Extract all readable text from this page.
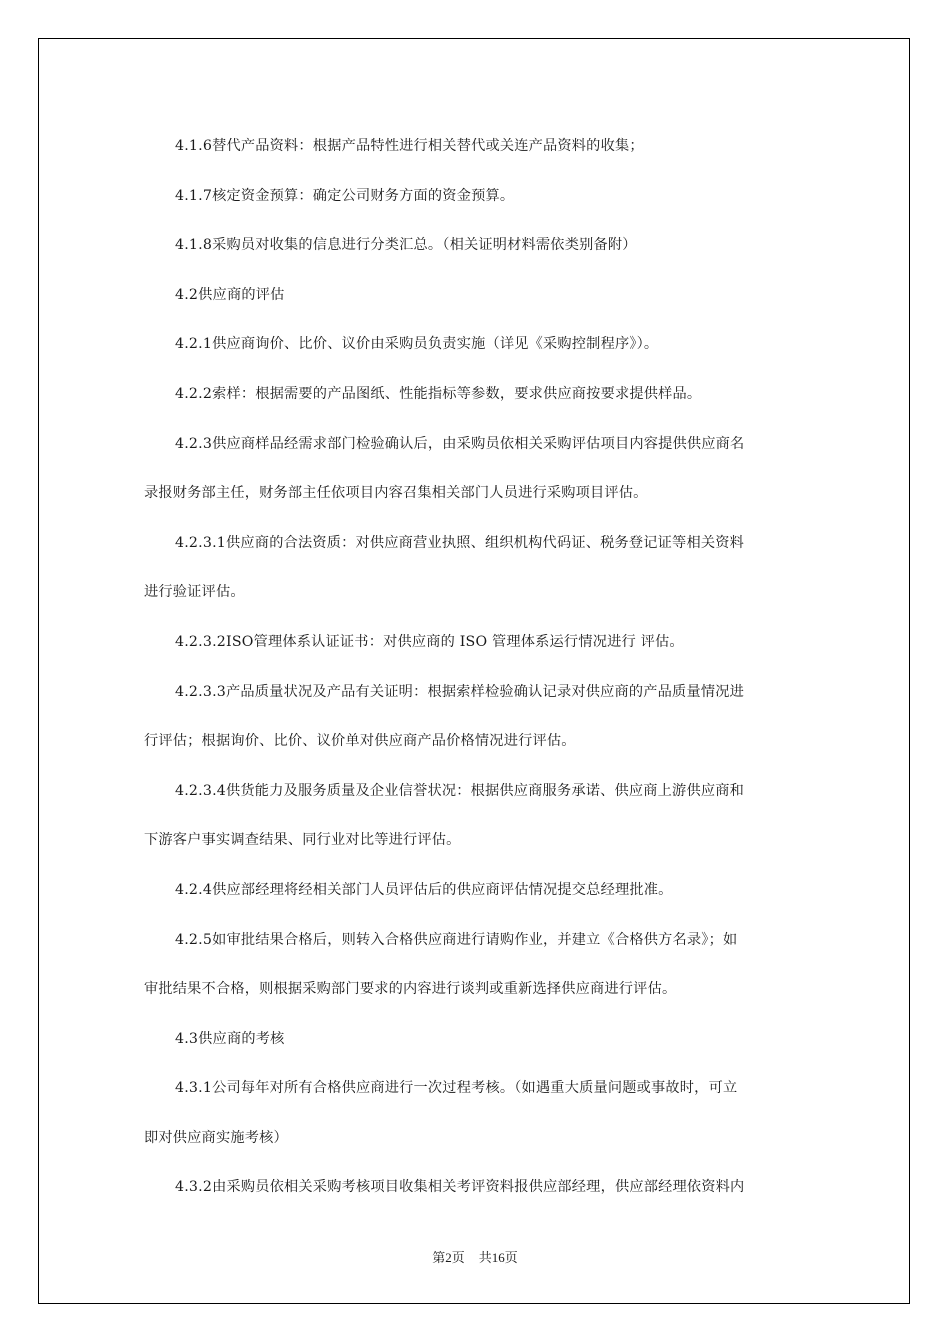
4.1.6替代产品资料：根据产品特性进行相关替代或关连产品资料的收集；
4.1.7核定资金预算：确定公司财务方面的资金预算。
4.1.8采购员对收集的信息进行分类汇总。（相关证明材料需依类别备附）
4.2供应商的评估
4.2.1供应商询价、比价、议价由采购员负责实施（详见《采购控制程序》）。
4.2.2索样：根据需要的产品图纸、性能指标等参数，要求供应商按要求提供样品。
4.2.3供应商样品经需求部门检验确认后，由采购员依相关采购评估项目内容提供供应商名
录报财务部主任，财务部主任依项目内容召集相关部门人员进行采购项目评估。
4.2.3.1供应商的合法资质：对供应商营业执照、组织机构代码证、税务登记证等相关资料
进行验证评估。
4.2.3.2ISO管理体系认证证书：对供应商的 ISO 管理体系运行情况进行 评估。
4.2.3.3产品质量状况及产品有关证明：根据索样检验确认记录对供应商的产品质量情况进
行评估；根据询价、比价、议价单对供应商产品价格情况进行评估。
4.2.3.4供货能力及服务质量及企业信誉状况：根据供应商服务承诺、供应商上游供应商和
下游客户事实调查结果、同行业对比等进行评估。
4.2.4供应部经理将经相关部门人员评估后的供应商评估情况提交总经理批准。
4.2.5如审批结果合格后，则转入合格供应商进行请购作业，并建立《合格供方名录》；如
审批结果不合格，则根据采购部门要求的内容进行谈判或重新选择供应商进行评估。
4.3供应商的考核
4.3.1公司每年对所有合格供应商进行一次过程考核。（如遇重大质量问题或事故时，可立
即对供应商实施考核）
4.3.2由采购员依相关采购考核项目收集相关考评资料报供应部经理，供应部经理依资料内
第2页 共16页
